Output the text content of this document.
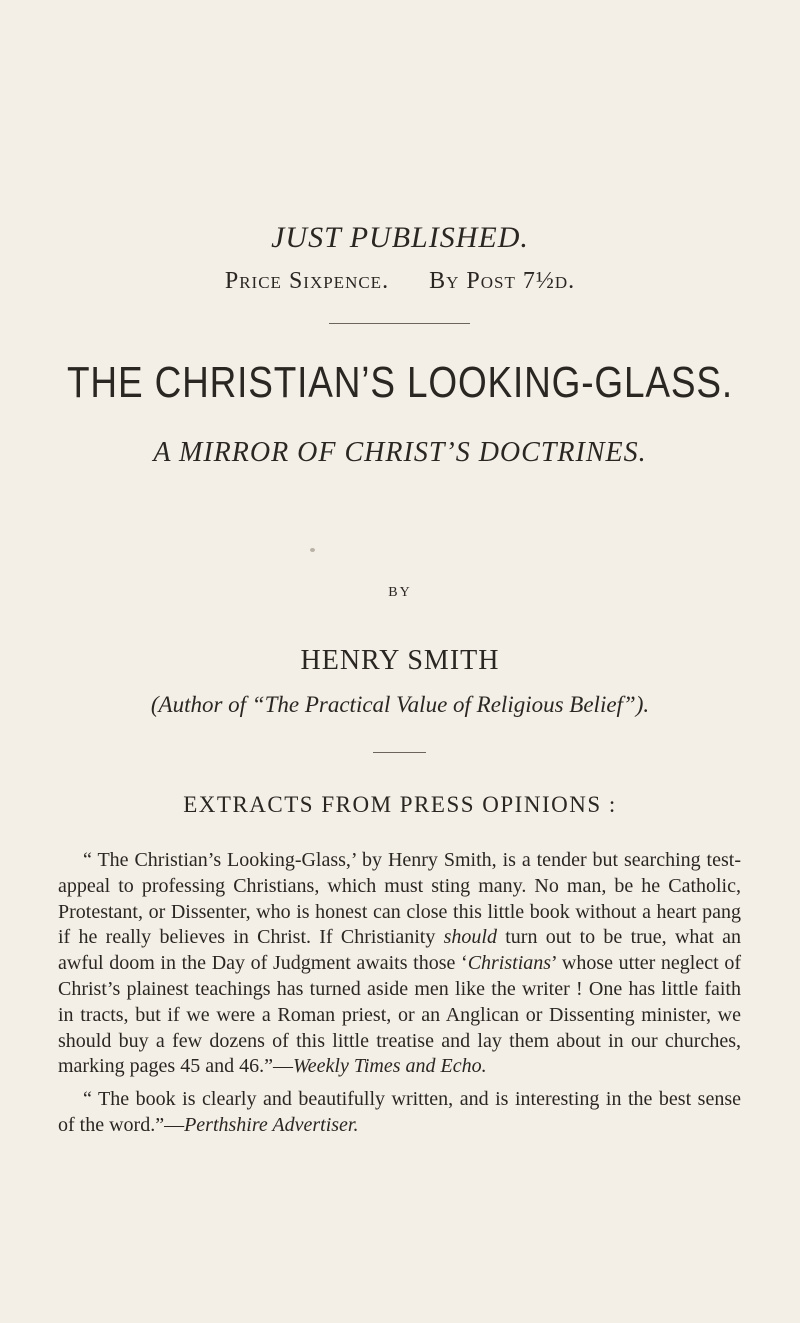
JUST PUBLISHED.
Price Sixpence. By Post 7½d.
THE CHRISTIAN’S LOOKING-GLASS.
A MIRROR OF CHRIST’S DOCTRINES.
BY
HENRY SMITH
(Author of “The Practical Value of Religious Belief”).
EXTRACTS FROM PRESS OPINIONS :

“ The Christian’s Looking-Glass,’ by Henry Smith, is a tender but searching test-appeal to professing Christians, which must sting many. No man, be he Catholic, Protestant, or Dissenter, who is honest can close this little book without a heart pang if he really believes in Christ. If Christianity should turn out to be true, what an awful doom in the Day of Judgment awaits those ‘Christians’ whose utter neglect of Christ’s plainest teachings has turned aside men like the writer ! One has little faith in tracts, but if we were a Roman priest, or an Anglican or Dissenting minister, we should buy a few dozens of this little treatise and lay them about in our churches, marking pages 45 and 46.”—Weekly Times and Echo.

“ The book is clearly and beautifully written, and is interesting in the best sense of the word.”—Perthshire Advertiser.
